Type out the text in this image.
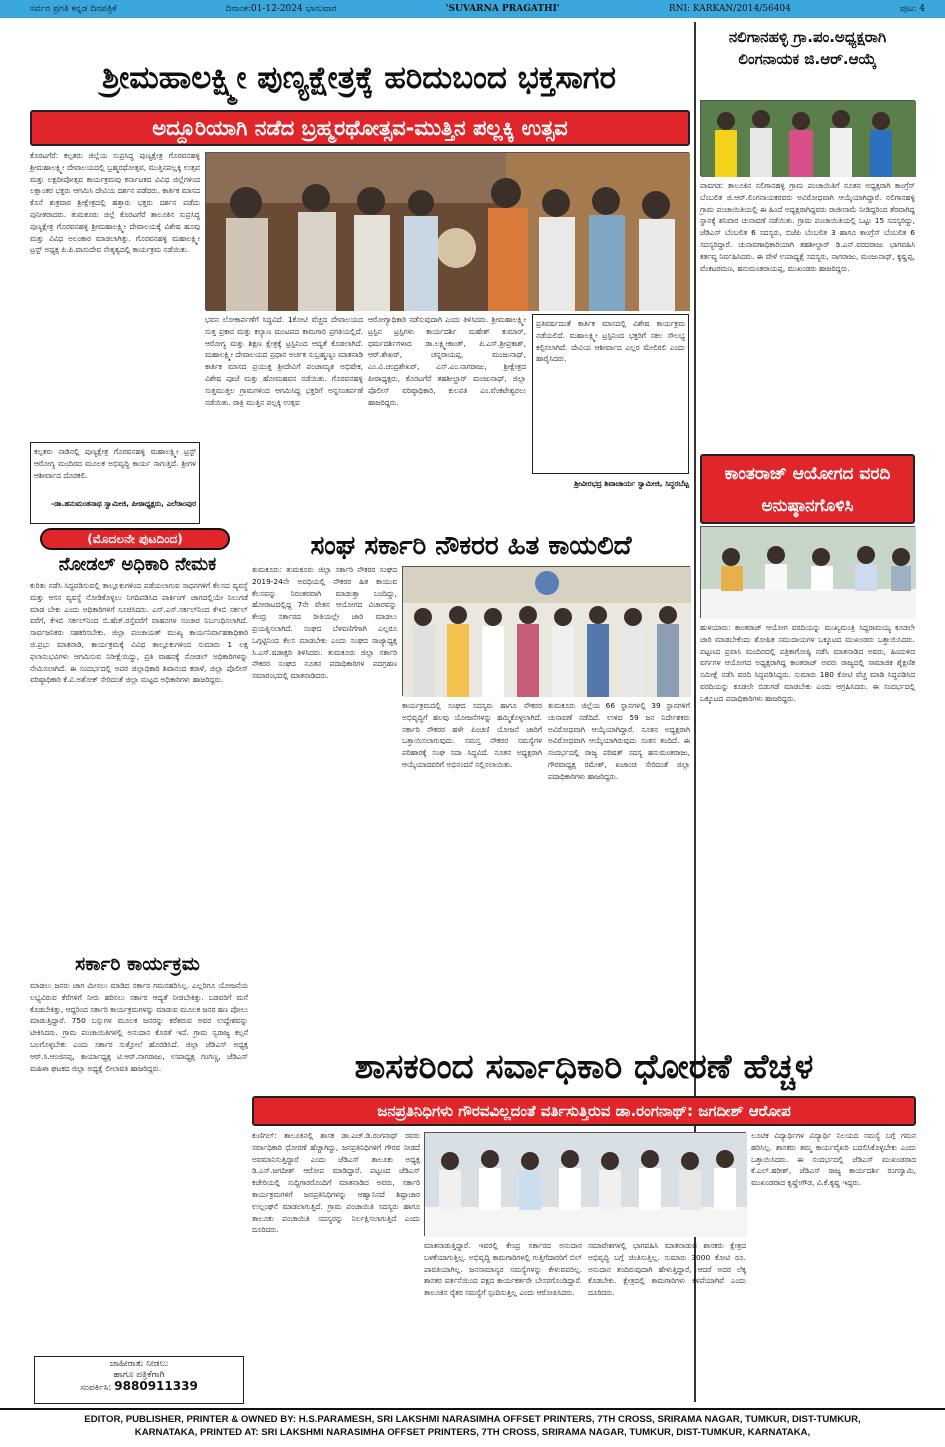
ಸರ್ವರ ಪ್ರಗತಿ ಕನ್ನಡ ದಿನಪತ್ರಿಕೆ	ದಿನಾಂಕ:01-12-2024 ಭಾನುವಾರ	'SUVARNA PRAGATHI'	RNI: KARKAN/2014/56404	ಪುಟ: 4
ಶ್ರೀಮಹಾಲಕ್ಷ್ಮೀ ಪುಣ್ಯಕ್ಷೇತ್ರಕ್ಕೆ ಹರಿದುಬಂದ ಭಕ್ತಸಾಗರ
ಅದ್ದೂರಿಯಾಗಿ ನಡೆದ ಬ್ರಹ್ಮರಥೋತ್ಸವ-ಮುತ್ತಿನ ಪಲ್ಲಕ್ಕಿ ಉತ್ಸವ
ಕೊರಟಗೆರೆ: ಕಲ್ಪತರು ಜಿಲ್ಲೆಯ ಸುಪ್ರಸಿದ್ಧ ಪುಣ್ಯಕ್ಷೇತ್ರ ಗೊರವನಹಳ್ಳಿ ಶ್ರೀಮಹಾಲಕ್ಷ್ಮೀ ದೇವಾಲಯದಲ್ಲಿ ಬ್ರಹ್ಮರಥೋತ್ಸವ, ಮುತ್ತಿನಪಲ್ಲಕ್ಕಿ ಉತ್ಸವ ಮತ್ತು ಲಕ್ಷದೀಪೋತ್ಸವ ಕಾರ್ಯಕ್ರಮವು ಕರ್ನಾಟಕದ ವಿವಿಧ ಜಿಲ್ಲೆಗಳಿಂದ ಲಕ್ಷಾಂತರ ಭಕ್ತರು ಆಗಮಿಸಿ ದೇವಿಯ ದರ್ಶನ ಪಡೆದರು. ಕಾರ್ತಿಕ ಮಾಸದ ಕೊನೆ ಶುಕ್ರವಾರ ಶ್ರೀಕ್ಷೇತ್ರದಲ್ಲಿ ಹತ್ತಾರು ಭಕ್ತರು ದರ್ಶನ ಪಡೆದು ಪುನೀತರಾದರು. ತುಮಕೂರು ಜಿಲ್ಲೆ ಕೊರಟಗೆರೆ ತಾಲೂಕಿನ ಸುಪ್ರಸಿದ್ಧ ಪುಣ್ಯಕ್ಷೇತ್ರ ಗೊರವನಹಳ್ಳಿ ಶ್ರೀಮಹಾಲಕ್ಷ್ಮೀ ದೇವಾಲಯಕ್ಕೆ ವಿಶೇಷ ಹೂವು ಮತ್ತು ವಿವಿಧ ಅಲಂಕಾರ ಮಾಡಲಾಗಿತ್ತು. ಗೊರವನಹಳ್ಳಿ ಮಹಾಲಕ್ಷ್ಮೀ ಟ್ರಸ್ಟ್ ಅಧ್ಯಕ್ಷ ಪಿ.ಪಿ.ವಾಸುದೇವ ನೇತೃತ್ವದಲ್ಲಿ ಕಾರ್ಯಕ್ರಮ ನಡೆಯಿತು.
ಭವನ ಲೋಕಾರ್ಪಣೆಗೆ ಸಿದ್ಧವಿದೆ. 1ಕೋಟಿ ವೆಚ್ಚದ ದೇವಾಲಯದ ಸುತ್ತ ಪ್ರಕಾರ ಮತ್ತು ಕಲ್ಯಾಣ ಮಂಟಪದ ಕಾಮಗಾರಿ ಪ್ರಗತಿಯಲ್ಲಿದೆ. ಆರೋಗ್ಯ ಮತ್ತು ಶಿಕ್ಷಣ ಕ್ಷೇತ್ರಕ್ಕೆ ಟ್ರಸ್ಟಿನಿಂದ ಆದ್ಯತೆ ಕೊಡಲಾಗಿದೆ. ಮಹಾಲಕ್ಷ್ಮೀ ದೇವಾಲಯದ ಪ್ರಧಾನ ಅರ್ಚಕ ಸುಬ್ರಹ್ಮಣ್ಯಂ ಮಾತನಾಡಿ ಕಾರ್ತಿಕ ಮಾಸದ ಪ್ರಯುಕ್ತ ಶ್ರೀದೇವಿಗೆ ಪಂಚಾಮೃತ ಅಭಿಷೇಕ, ವಿಶೇಷ ಪೂಜೆ ಮತ್ತು ಹೋಮಹವನ ನಡೆಯಿತು. ಗೊರವನಹಳ್ಳಿ ಸುತ್ತಮುತ್ತಲ ಗ್ರಾಮಗಳಿಂದ ಆಗಮಿಸಿದ್ದ ಭಕ್ತರಿಗೆ ಅನ್ನಸಂತರ್ಪಣೆ ನಡೆಯಿತು. ರಾತ್ರಿ ಮುತ್ತಿನ ಪಲ್ಲಕ್ಕಿ ಉತ್ಸವ
ಆರೋಗ್ಯಾಧಿಕಾರಿ ನಡೆಸುವುದಾಗಿ ಎಂದು ತಿಳಿಸಿದರು. ಶ್ರೀಮಹಾಲಕ್ಷ್ಮೀ ಟ್ರಸ್ಟಿನ ಟ್ರಸ್ಟಿಗಳು ಕಾರ್ಯದರ್ಶಿ ಮಹೇಶ್ ಕುಮಾರ್, ಧರ್ಮದರ್ಶಿಗಳಾದ ಡಾ.ಲಕ್ಷ್ಮೀಕಾಂತ್, ಪಿ.ಎಸ್.ಶ್ರೀಪ್ರಕಾಶ್, ಆರ್.ಶೇಖರ್, ಚನ್ನರಾಯಪ್ಪ, ಮಂಜುನಾಥ್, ಎಂ.ವಿ.ಚಂದ್ರಶೇಖರ್, ಎಸ್.ಎಂ.ನಾಗರಾಜು, ಶ್ರೀಕ್ಷೇತ್ರದ ಪೀಠಾಧ್ಯಕ್ಷರು, ಕೊರಟಗೆರೆ ತಹಶೀಲ್ದಾರ್ ಮಂಜುನಾಥ್, ಜಿಲ್ಲಾ ಪೊಲೀಸ್ ವರಿಷ್ಠಾಧಿಕಾರಿ, ಕುಲಪತಿ ಎಂ.ವೆಂಕಟೇಶ್ವರಲು ಹಾಜರಿದ್ದರು.
ಪ್ರತಿವರ್ಷದಂತೆ ಕಾರ್ತಿಕ ಮಾಸದಲ್ಲಿ ವಿಶೇಷ ಕಾರ್ಯಕ್ರಮ ನಡೆಯಲಿದೆ. ಮಹಾಲಕ್ಷ್ಮೀ ಟ್ರಸ್ಟಿನಿಂದ ಭಕ್ತರಿಗೆ ಸಕಲ ಸೌಲಭ್ಯ ಕಲ್ಪಿಸಲಾಗಿದೆ. ದೇವಿಯ ಆಶೀರ್ವಾದ ಎಲ್ಲರ ಮೇಲಿರಲಿ ಎಂದು ಹಾರೈಸಿದರು.
ಶ್ರೀವೀರಭದ್ರ ಶಿವಾಚಾರ್ಯ ಸ್ವಾಮೀಜಿ, ಸಿದ್ಧರಬೆಟ್ಟ
ಕಲ್ಪತರು ನಾಡಿನಲ್ಲಿ ಪುಣ್ಯಕ್ಷೇತ್ರ ಗೊರವನಹಳ್ಳಿ ಮಹಾಲಕ್ಷ್ಮೀ ಟ್ರಸ್ಟ್ ಆರೋಗ್ಯ ಮಂದಿರದ ಮೂಲಕ ಅಭಿವೃದ್ಧಿ ಕಾರ್ಯ ಸಾಗುತ್ತಿದೆ. ಶ್ರೀಗಳ ಆಶೀರ್ವಾದ ದೊರಕಲಿ.
-ಡಾ.ಹನುಮಂತನಾಥ ಸ್ವಾಮೀಜಿ, ಪೀಠಾಧ್ಯಕ್ಷರು, ಎಲೆರಾಂಪುರ
ನಲಿಗಾನಹಳ್ಳಿ ಗ್ರಾ.ಪಂ.ಅಧ್ಯಕ್ಷರಾಗಿ ಲಿಂಗನಾಯಕ ಜಿ.ಆರ್.ಆಯ್ಕೆ
ಪಾವಗಡ: ತಾಲೂಕಿನ ನಲಿಗಾನಹಳ್ಳಿ ಗ್ರಾಮ ಪಂಚಾಯಿತಿಗೆ ನೂತನ ಅಧ್ಯಕ್ಷರಾಗಿ ಕಾಂಗ್ರೆಸ್ ಬೆಂಬಲಿತ ಜಿ.ಆರ್.ಲಿಂಗನಾಯಕರವರು ಅವಿರೋಧವಾಗಿ ಆಯ್ಕೆಯಾಗಿದ್ದಾರೆ. ನಲಿಗಾನಹಳ್ಳಿ ಗ್ರಾಮ ಪಂಚಾಯಿತಿಯಲ್ಲಿ ಈ ಹಿಂದೆ ಅಧ್ಯಕ್ಷರಾಗಿದ್ದವರು ರಾಜೀನಾಮೆ ನೀಡಿದ್ದರಿಂದ ತೆರವಾಗಿದ್ದ ಸ್ಥಾನಕ್ಕೆ ಶನಿವಾರ ಚುನಾವಣೆ ನಡೆಯಿತು. ಗ್ರಾಮ ಪಂಚಾಯಿತಿಯಲ್ಲಿ ಒಟ್ಟು 15 ಸದಸ್ಯರಿದ್ದು, ಜೆಡಿಎಸ್ ಬೆಂಬಲಿತ 6 ಸದಸ್ಯರು, ಬಿಜೆಪಿ ಬೆಂಬಲಿತ 3 ಹಾಗೂ ಕಾಂಗ್ರೆಸ್ ಬೆಂಬಲಿತ 6 ಸದಸ್ಯರಿದ್ದಾರೆ. ಚುನಾವಣಾಧಿಕಾರಿಯಾಗಿ ತಹಶೀಲ್ದಾರ್ ಡಿ.ಎನ್.ವರದರಾಜು ಭಾಗವಹಿಸಿ ಕರ್ತವ್ಯ ನಿರ್ವಹಿಸಿದರು. ಈ ವೇಳೆ ಉಪಾಧ್ಯಕ್ಷೆ ಸದಸ್ಯರು, ನಾಗರಾಜು, ಮಂಜುನಾಥ್, ಕೃಷ್ಣಪ್ಪ, ವೆಂಕಟರಮಣ, ಹನುಮಂತರಾಯಪ್ಪ, ಮುಖಂಡರು ಹಾಜರಿದ್ದರು.
ಕಾಂತರಾಜ್ ಆಯೋಗದ ವರದಿ ಅನುಷ್ಠಾನಗೊಳಿಸಿ
ಹುಳಿಯಾರು: ಕಾಂತರಾಜ್ ಆಯೋಗ ವರದಿಯನ್ನು ಮುಖ್ಯಮಂತ್ರಿ ಸಿದ್ದರಾಮಯ್ಯ ಕೂಡಲೇ ಜಾರಿ ಮಾಡಬೇಕೆಂದು ಶೋಷಿತ ಸಮುದಾಯಗಳ ಒಕ್ಕೂಟದ ಮುಖಂಡರು ಒತ್ತಾಯಿಸಿದರು. ಪಟ್ಟಣದ ಪ್ರವಾಸಿ ಮಂದಿರದಲ್ಲಿ ಪತ್ರಿಕಾಗೋಷ್ಠಿ ನಡೆಸಿ ಮಾತನಾಡಿದ ಅವರು, ಹಿಂದುಳಿದ ವರ್ಗಗಳ ಆಯೋಗದ ಅಧ್ಯಕ್ಷರಾಗಿದ್ದ ಕಾಂತರಾಜ್ ಅವರು ರಾಜ್ಯದಲ್ಲಿ ಸಾಮಾಜಿಕ ಶೈಕ್ಷಣಿಕ ಸಮೀಕ್ಷೆ ನಡೆಸಿ ವರದಿ ಸಿದ್ಧಪಡಿಸಿದ್ದರು. ಸುಮಾರು 180 ಕೋಟಿ ವೆಚ್ಚ ಮಾಡಿ ಸಿದ್ಧಪಡಿಸಿದ ವರದಿಯನ್ನು ಕೂಡಲೇ ಬಿಡುಗಡೆ ಮಾಡಬೇಕು ಎಂದು ಆಗ್ರಹಿಸಿದರು. ಈ ಸಂದರ್ಭದಲ್ಲಿ ಒಕ್ಕೂಟದ ಪದಾಧಿಕಾರಿಗಳು ಹಾಜರಿದ್ದರು.
(ಮೊದಲನೇ ಪುಟದಿಂದ)
ನೋಡಲ್ ಅಧಿಕಾರಿ ನೇಮಕ
ಕುರಿತು ನಡೆಸಿ ಸಿದ್ಧಪಡಿಸುವಲ್ಲಿ ತಾಲ್ಲೂಕುಗಳಿಂದ ಪಡೆಯಲಾಗುವ ಸಾಧನಗಳಿಗೆ ಕೆಲಸದ ವ್ಯವಸ್ಥೆ ಮತ್ತು ಆಸನ ವ್ಯವಸ್ಥೆ ನೋಡಿಕೊಳ್ಳಲು ನಿಗದಿಪಡಿಸಿದ ಪಾರ್ಕಿಂಗ್ ಜಾಗದಲ್ಲಿಯೇ ನಿಲುಗಡೆ ಮಾಡ ಬೇಕು ಎಂದು ಅಧಿಕಾರಿಗಳಿಗೆ ಸೂಚಿಸಿದರು. ಎಸ್.ಎಸ್.ಸರ್ಕಲ್‌ನಿಂದ ಕೆಇಬಿ ಸರ್ಕಲ್ ವರೆಗೆ, ಕೆಇಬಿ ಸರ್ಕಲ್‌ನಿಂದ ಬಿ.ಹೆಚ್.ರಸ್ತೆವರೆಗೆ ವಾಹನಗಳ ಸಂಚಾರ ನಿರ್ಬಂಧಿಸಲಾಗಿದೆ. ಸಾರ್ವಜನಿಕರು ಸಹಕರಿಸಬೇಕು. ಜಿಲ್ಲಾ ಪಂಚಾಯತ್ ಮುಖ್ಯ ಕಾರ್ಯನಿರ್ವಾಹಕಾಧಿಕಾರಿ ಜಿ.ಪ್ರಭು ಮಾತನಾಡಿ, ಕಾರ್ಯಕ್ರಮಕ್ಕೆ ವಿವಿಧ ತಾಲ್ಲೂಕುಗಳಿಂದ ಸುಮಾರು 1 ಲಕ್ಷ ಫಲಾನುಭವಿಗಳು ಆಗಮಿಸುವ ನಿರೀಕ್ಷೆಯಿದ್ದು, ಪ್ರತಿ ವಾಹನಕ್ಕೆ ನೋಡಲ್ ಅಧಿಕಾರಿಗಳನ್ನು ನೇಮಿಸಲಾಗಿದೆ. ಈ ಸಂದರ್ಭದಲ್ಲಿ ಅಪರ ಜಿಲ್ಲಾಧಿಕಾರಿ ಶಿವಾನಂದ ಕರಾಳೆ, ಜಿಲ್ಲಾ ಪೊಲೀಸ್ ವರಿಷ್ಠಾಧಿಕಾರಿ ಕೆ.ವಿ.ಅಶೋಕ್ ಸೇರಿದಂತೆ ಜಿಲ್ಲಾ ಮಟ್ಟದ ಅಧಿಕಾರಿಗಳು ಹಾಜರಿದ್ದರು.
ಸರ್ಕಾರಿ ಕಾರ್ಯಕ್ರಮ
ಮಾಡಲು ಜನರು ಜಾಗ ಮೀಸಲು ಮಾಡಿದ ಸರ್ಕಾರ ಗಮನಹರಿಸಿಲ್ಲ. ಎಲ್ಲರಿಗೂ ಯೋಜನೆಯ ಲಭ್ಯವಿರುವ ಕೆರೆಗಳಿಗೆ ನೀರು ಹರಿಸಲು ಸರ್ಕಾರ ಆದ್ಯತೆ ನೀಡಬೇಕಿತ್ತು. ಬಡವರಿಗೆ ಮನೆ ಕೊಡಬೇಕಿತ್ತು, ಆದ್ದರಿಂದ ಸರ್ಕಾರಿ ಕಾರ್ಯಕ್ರಮಗಳನ್ನು ಮಾಡುವ ಮೂಲಕ ಜನರ ಹಣ ಪೋಲು ಮಾಡುತ್ತಿದ್ದಾರೆ. 750 ಬಸ್ಸುಗಳ ಮೂಲಕ ಜನರನ್ನು ಕರೆತರುವ ಅವರ ಉದ್ದೇಶವನ್ನು ಟೀಕಿಸಿದರು. ಗ್ರಾಮ ಪಂಚಾಯಿತಿಗಳಲ್ಲಿ ಅನುದಾನ ಕೊರತೆ ಇದೆ. ಗ್ರಾಮ ಸ್ವರಾಜ್ಯ ಕಲ್ಪನೆ ಬಲಗೊಳ್ಳಬೇಕು ಎಂದು ಸರ್ಕಾರ ಸುತ್ತೋಲೆ ಹೊರಡಿಸಿದೆ. ಜಿಲ್ಲಾ ಜೆಡಿಎಸ್ ಅಧ್ಯಕ್ಷ ಆರ್.ಸಿ.ಆಂಜಿನಪ್ಪ, ಕಾರ್ಯಾಧ್ಯಕ್ಷ ಟಿ.ಆರ್.ನಾಗರಾಜು, ಉಪಾಧ್ಯಕ್ಷ ಗಂಗಣ್ಣ, ಜೆಡಿಎಸ್ ಮಹಿಳಾ ಘಟಕದ ಜಿಲ್ಲಾ ಅಧ್ಯಕ್ಷೆ ಲೀಲಾವತಿ ಹಾಜರಿದ್ದರು.
ಜಾಹೀರಾತು ನೀಡಲು
ಹಾಗೂ ಪತ್ರಿಕೆಗಾಗಿ
ಸಂಪರ್ಕಿಸಿ: 9880911339
ಸಂಘ ಸರ್ಕಾರಿ ನೌಕರರ ಹಿತ ಕಾಯಲಿದೆ
ತುಮಕೂರು: ತುಮಕೂರು ಜಿಲ್ಲಾ ಸರ್ಕಾರಿ ನೌಕರರ ಸಂಘದ 2019-24ನೇ ಅವಧಿಯಲ್ಲಿ ನೌಕರರ ಹಿತ ಕಾಯುವ ಕೆಲಸವನ್ನು ನಿರಂತರವಾಗಿ ಮಾಡುತ್ತಾ ಬಂದಿದ್ದು, ಹೋರಾಟದಲ್ಲಿದ್ದ 7ನೇ ವೇತನ ಆಯೋಗದ ವಿಚಾರವನ್ನು ಕೇಂದ್ರ ಸರ್ಕಾರದ ರೀತಿಯಲ್ಲೇ ಜಾರಿ ಮಾಡಲು ಪ್ರಯತ್ನಿಸಲಾಗಿದೆ. ಸಂಘದ ಬೆಳವಣಿಗೆಗಾಗಿ ಎಲ್ಲರೂ ಒಗ್ಗಟ್ಟಿನಿಂದ ಕೆಲಸ ಮಾಡಬೇಕು ಎಂದು ಸಂಘದ ರಾಜ್ಯಾಧ್ಯಕ್ಷ ಸಿ.ಎಸ್.ಷಡಾಕ್ಷರಿ ತಿಳಿಸಿದರು. ತುಮಕೂರು ಜಿಲ್ಲಾ ಸರ್ಕಾರಿ ನೌಕರರ ಸಂಘದ ನೂತನ ಪದಾಧಿಕಾರಿಗಳ ಪದಗ್ರಹಣ ಸಮಾರಂಭದಲ್ಲಿ ಮಾತನಾಡಿದರು.
ಕಾರ್ಯಕ್ರಮದಲ್ಲಿ ಸಂಘದ ಸದಸ್ಯರು ಹಾಗೂ ನೌಕರರ ಅಭಿವೃದ್ಧಿಗೆ ಹಲವು ಯೋಜನೆಗಳನ್ನು ಹಮ್ಮಿಕೊಳ್ಳಲಾಗಿದೆ. ಸರ್ಕಾರಿ ನೌಕರರ ಹಳೇ ಪಿಂಚಣಿ ಯೋಜನೆ ಜಾರಿಗೆ ಒತ್ತಾಯಿಸಲಾಗುವುದು. ಸಮಸ್ತ ನೌಕರರ ಸಮಸ್ಯೆಗಳ ಪರಿಹಾರಕ್ಕೆ ಸಂಘ ಸದಾ ಸಿದ್ಧವಿದೆ. ನೂತನ ಅಧ್ಯಕ್ಷರಾಗಿ ಆಯ್ಕೆಯಾದವರಿಗೆ ಅಭಿನಂದನೆ ಸಲ್ಲಿಸಲಾಯಿತು.
ತುಮಕೂರು ಜಿಲ್ಲೆಯ 66 ಸ್ಥಾನಗಳಲ್ಲಿ 39 ಸ್ಥಾನಗಳಿಗೆ ಚುನಾವಣೆ ನಡೆದಿದೆ. ಉಳಿದ 59 ಜನ ನಿರ್ದೇಶಕರು ಅವಿರೋಧವಾಗಿ ಆಯ್ಕೆಯಾಗಿದ್ದಾರೆ. ನೂತನ ಅಧ್ಯಕ್ಷರಾಗಿ ಅವಿರೋಧವಾಗಿ ಆಯ್ಕೆಯಾಗಿರುವುದು ಸಂತಸ ತಂದಿದೆ. ಈ ಸಂದರ್ಭದಲ್ಲಿ ರಾಜ್ಯ ಪರಿಷತ್ ಸದಸ್ಯ ಹನುಮಂತರಾಜು, ಗೌರವಾಧ್ಯಕ್ಷ ರಮೇಶ್, ಖಜಾಂಚಿ ಸೇರಿದಂತೆ ಜಿಲ್ಲಾ ಪದಾಧಿಕಾರಿಗಳು ಹಾಜರಿದ್ದರು.
ಶಾಸಕರಿಂದ ಸರ್ವಾಧಿಕಾರಿ ಧೋರಣೆ ಹೆಚ್ಚಳ
ಜನಪ್ರತಿನಿಧಿಗಳು ಗೌರವವಿಲ್ಲದಂತೆ ವರ್ತಿಸುತ್ತಿರುವ ಡಾ.ರಂಗನಾಥ್: ಜಗದೀಶ್ ಆರೋಪ
ಕುಣಿಗಲ್: ತಾಲೂಕಿನಲ್ಲಿ ಶಾಸಕ ಡಾ.ಎಚ್.ಡಿ.ರಂಗನಾಥ್ ರವರು ಸರ್ವಾಧಿಕಾರಿ ಧೋರಣೆ ಹೆಚ್ಚಾಗಿದ್ದು, ಜನಪ್ರತಿನಿಧಿಗಳಿಗೆ ಗೌರವ ನೀಡದೆ ಅವಮಾನಿಸುತ್ತಿದ್ದಾರೆ ಎಂದು ಜೆಡಿಎಸ್ ತಾಲೂಕು ಅಧ್ಯಕ್ಷ ಡಿ.ಎಸ್.ಜಗದೀಶ್ ಆರೋಪ ಮಾಡಿದ್ದಾರೆ. ಪಟ್ಟಣದ ಜೆಡಿಎಸ್ ಕಚೇರಿಯಲ್ಲಿ ಸುದ್ದಿಗಾರರೊಂದಿಗೆ ಮಾತನಾಡಿದ ಅವರು, ಸರ್ಕಾರಿ ಕಾರ್ಯಕ್ರಮಗಳಿಗೆ ಜನಪ್ರತಿನಿಧಿಗಳನ್ನು ಆಹ್ವಾನಿಸದೆ ಶಿಷ್ಟಾಚಾರ ಉಲ್ಲಂಘನೆ ಮಾಡಲಾಗುತ್ತಿದೆ. ಗ್ರಾಮ ಪಂಚಾಯಿತಿ ಸದಸ್ಯರು ಹಾಗೂ ತಾಲೂಕು ಪಂಚಾಯಿತಿ ಸದಸ್ಯರನ್ನು ನಿರ್ಲಕ್ಷಿಸಲಾಗುತ್ತಿದೆ ಎಂದು ದೂರಿದರು.
ಮಾತನಾಡುತ್ತಿದ್ದಾರೆ. ಇವರಲ್ಲಿ ಕೇಂದ್ರ ಸರ್ಕಾರದ ಅನುದಾನ ಬಳಕೆಯಾಗುತ್ತಿಲ್ಲ. ಅಭಿವೃದ್ಧಿ ಕಾಮಗಾರಿಗಳಲ್ಲಿ ಗುತ್ತಿಗೆದಾರರಿಗೆ ಬಿಲ್ ಪಾವತಿಯಾಗಿಲ್ಲ. ಜನಸಾಮಾನ್ಯರ ಸಮಸ್ಯೆಗಳನ್ನು ಕೇಳುವವರಿಲ್ಲ. ಶಾಸಕರ ವರ್ತನೆಯಿಂದ ಪಕ್ಷದ ಕಾರ್ಯಕರ್ತರೇ ಬೇಸರಗೊಂಡಿದ್ದಾರೆ. ತಾಲೂಕಿನ ರೈತರ ಸಮಸ್ಯೆಗೆ ಸ್ಪಂದಿಸುತ್ತಿಲ್ಲ ಎಂದು ಆರೋಪಿಸಿದರು.
ಸಮಾವೇಶಗಳಲ್ಲಿ ಭಾಗವಹಿಸಿ ಮಾತನಾಡುವ ಶಾಸಕರು ಕ್ಷೇತ್ರದ ಅಭಿವೃದ್ಧಿ ಬಗ್ಗೆ ಚಿಂತಿಸುತ್ತಿಲ್ಲ. ಸುಮಾರು 3000 ಕೋಟಿ ರೂ. ಅನುದಾನ ತಂದಿರುವುದಾಗಿ ಹೇಳುತ್ತಿದ್ದಾರೆ, ಆದರೆ ಅದರ ಲೆಕ್ಕ ಕೊಡಬೇಕು. ಕ್ಷೇತ್ರದಲ್ಲಿ ಕಾಮಗಾರಿಗಳು ಕಳಪೆಯಾಗಿವೆ ಎಂದು ದೂರಿದರು.
ಲೂಟಿಕ ವಿದ್ಯಾರ್ಥಿಗಳ ವಿದ್ಯಾರ್ಥಿ ನಿಲಯದ ಸಮಸ್ಯೆ ಬಗ್ಗೆ ಗಮನ ಹರಿಸಿಲ್ಲ. ಶಾಸಕರು ತಮ್ಮ ಕಾರ್ಯವೈಖರಿ ಬದಲಿಸಿಕೊಳ್ಳಬೇಕು ಎಂದು ಒತ್ತಾಯಿಸಿದರು. ಈ ಸಂದರ್ಭದಲ್ಲಿ ಜೆಡಿಎಸ್ ಮುಖಂಡರಾದ ಕೆ.ಎಲ್.ಹರೀಶ್, ಜೆಡಿಎಸ್ ರಾಜ್ಯ ಕಾರ್ಯದರ್ಶಿ ರಂಗಸ್ವಾಮಿ, ಮುಖಂಡರಾದ ಕೃಷ್ಣೇಗೌಡ, ವಿ.ಕೆ.ಕೃಷ್ಣ ಇದ್ದರು.
EDITOR, PUBLISHER, PRINTER & OWNED BY: H.S.PARAMESH, SRI LAKSHMI NARASIMHA OFFSET PRINTERS, 7TH CROSS, SRIRAMA NAGAR, TUMKUR, DIST-TUMKUR,
KARNATAKA, PRINTED AT: SRI LAKSHMI NARASIMHA OFFSET PRINTERS, 7TH CROSS, SRIRAMA NAGAR, TUMKUR, DIST-TUMKUR, KARNATAKA,
